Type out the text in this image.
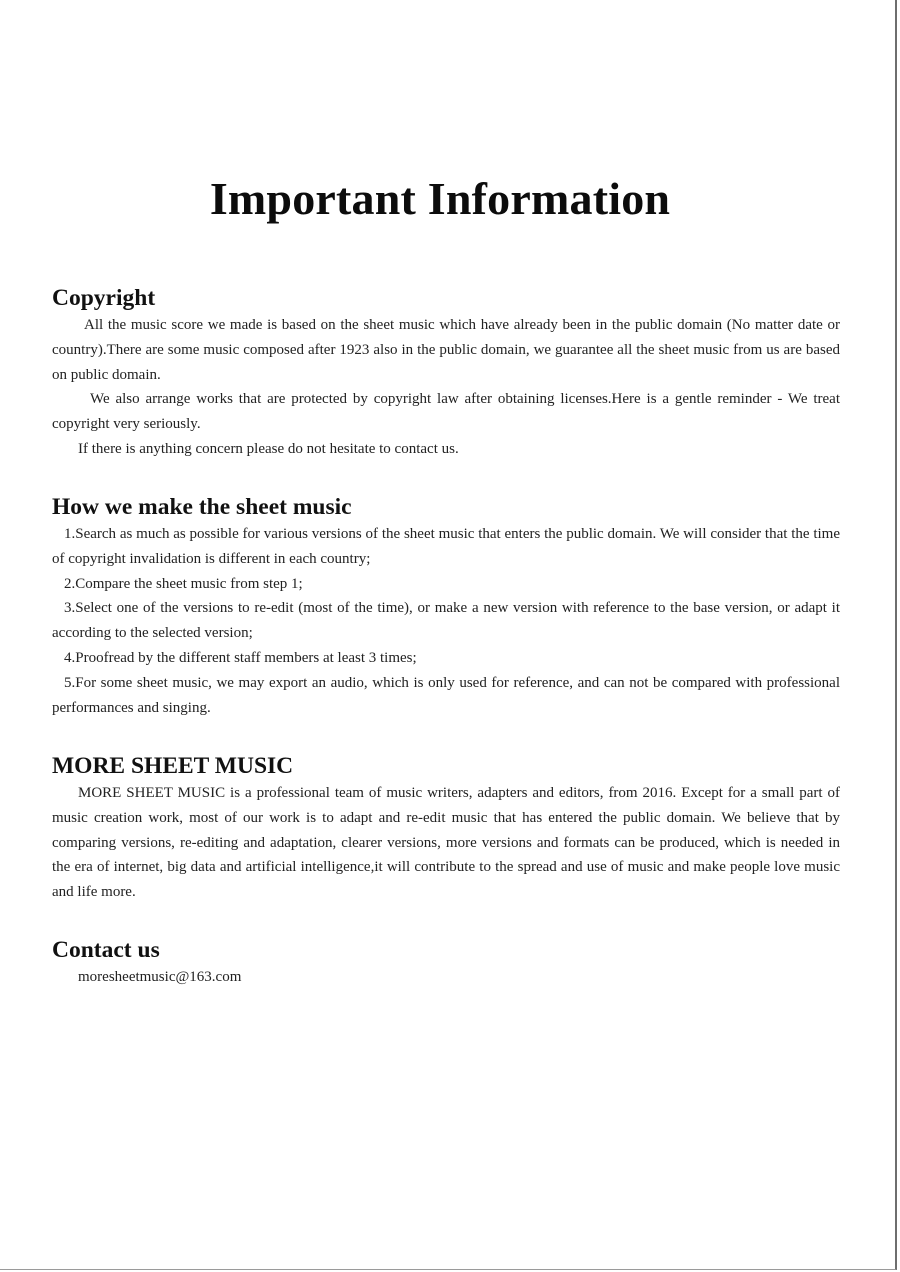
Important Information
Copyright

All the music score we made is based on the sheet music which have already been in the public domain (No matter date or country).There are some music composed after 1923 also in the public domain, we guarantee all the sheet music from us are based on public domain.

We also arrange works that are protected by copyright law after obtaining licenses.Here is a gentle reminder - We treat copyright very seriously.

If there is anything concern please do not hesitate to contact us.

How we make the sheet music

1.Search as much as possible for various versions of the sheet music that enters the public domain. We will consider that the time of copyright invalidation is different in each country;

2.Compare the sheet music from step 1;

3.Select one of the versions to re-edit (most of the time), or make a new version with reference to the base version, or adapt it according to the selected version;

4.Proofread by the different staff members at least 3 times;

5.For some sheet music, we may export an audio, which is only used for reference, and can not be compared with professional performances and singing.

MORE SHEET MUSIC

MORE SHEET MUSIC is a professional team of music writers, adapters and editors, from 2016. Except for a small part of music creation work, most of our work is to adapt and re-edit music that has entered the public domain. We believe that by comparing versions, re-editing and adaptation, clearer versions, more versions and formats can be produced, which is needed in the era of internet, big data and artificial intelligence,it will contribute to the spread and use of music and make people love music and life more.

Contact us
moresheetmusic@163.com
